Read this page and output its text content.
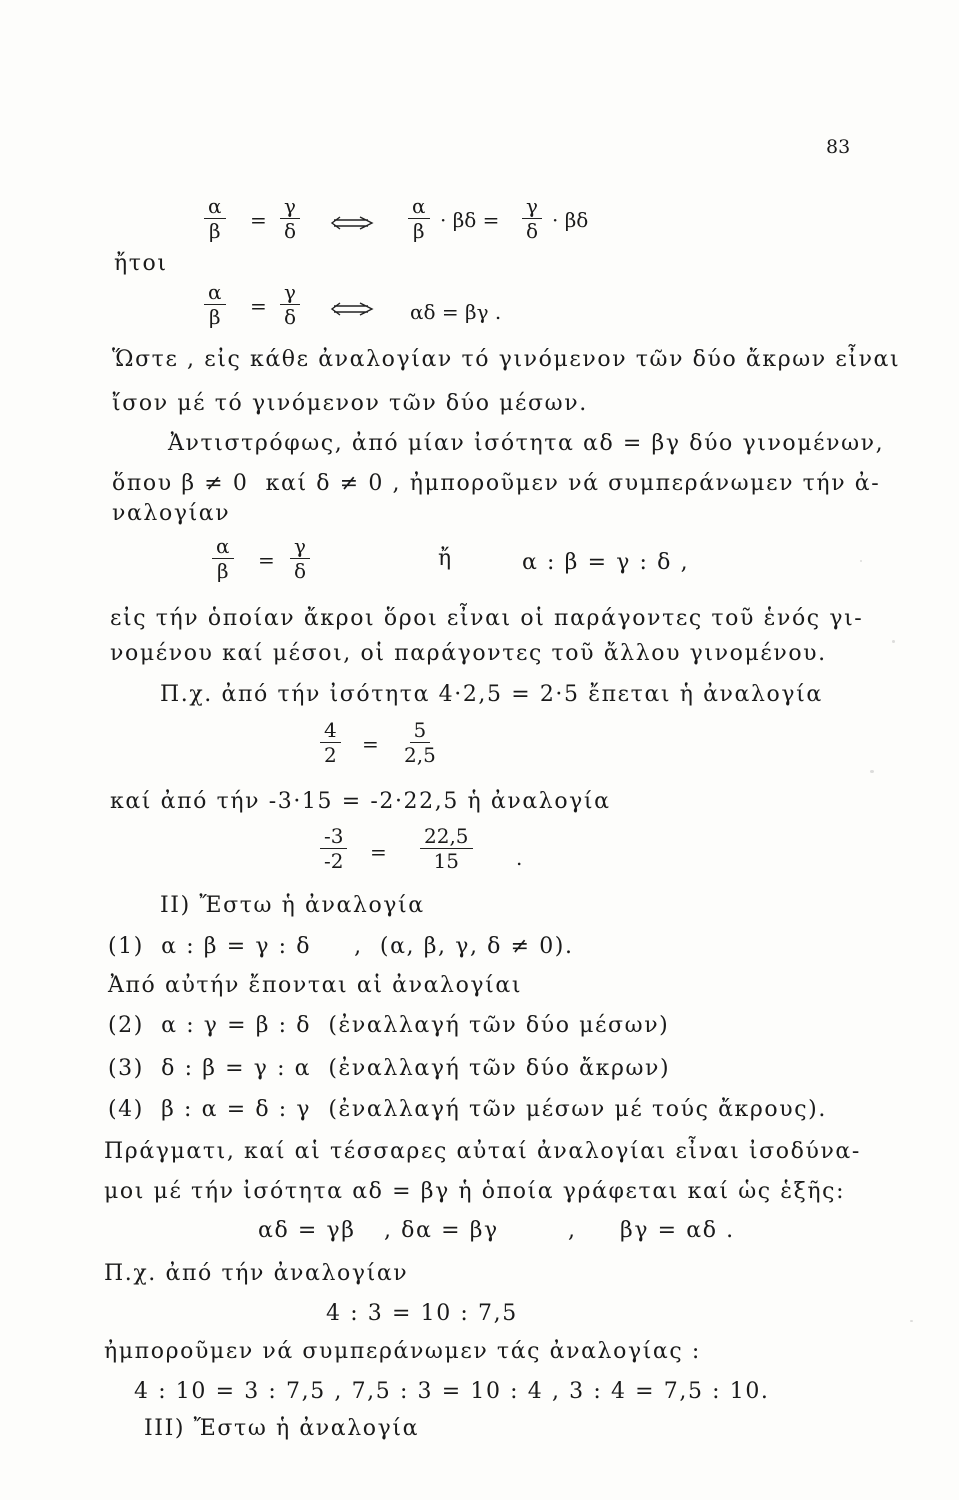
83
$\frac{\alpha}{\beta} = \frac{\gamma}{\delta}$	$\frac{\alpha}{\beta} \cdot \beta\delta = \frac{\gamma}{\delta} \cdot \beta\delta$
ἤτοι
$\frac{\alpha}{\beta} = \frac{\gamma}{\delta}$	αδ = βγ .
Ὥστε , εἰς κάθε ἀναλογίαν τό γινόμενον τῶν δύο ἄκρων εἶναι
ἴσον μέ τό γινόμενον τῶν δύο μέσων.
Ἀντιστρόφως, ἀπό μίαν ἰσότητα αδ = βγ δύο γινομένων,
ὅπου β ≠ 0  καί δ ≠ 0 , ἠμποροῦμεν νά συμπεράνωμεν τήν ἀ-
ναλογίαν
$\frac{\alpha}{\beta} = \frac{\gamma}{\delta}$	ἤ	α : β = γ : δ ,
εἰς τήν ὁποίαν ἄκροι ὅροι εἶναι οἱ παράγοντες τοῦ ἑνός γι-
νομένου καί μέσοι, οἱ παράγοντες τοῦ ἄλλου γινομένου.
Π.χ. ἀπό τήν ἰσότητα 4·2,5 = 2·5 ἔπεται ἡ ἀναλογία
$\frac{4}{2} = \frac{5}{2,5}$
καί ἀπό τήν -3·15 = -2·22,5 ἡ ἀναλογία
$\frac{-3}{-2} = \frac{22,5}{15}$ .
II) Ἔστω ἡ ἀναλογία
(1)  α : β = γ : δ     ,  (α, β, γ, δ ≠ 0).
Ἀπό αὐτήν ἔπονται αἱ ἀναλογίαι
(2)  α : γ = β : δ  (ἐναλλαγή τῶν δύο μέσων)
(3)  δ : β = γ : α  (ἐναλλαγή τῶν δύο ἄκρων)
(4)  β : α = δ : γ  (ἐναλλαγή τῶν μέσων μέ τούς ἄκρους).
Πράγματι, καί αἱ τέσσαρες αὐταί ἀναλογίαι εἶναι ἰσοδύνα-
μοι μέ τήν ἰσότητα αδ = βγ ἡ ὁποία γράφεται καί ὡς ἑξῆς:
αδ = γβ , δα = βγ	, βγ = αδ .
Π.χ. ἀπό τήν ἀναλογίαν
4 : 3 = 10 : 7,5
ἠμποροῦμεν νά συμπεράνωμεν τάς ἀναλογίας :
4 : 10 = 3 : 7,5 , 7,5 : 3 = 10 : 4 , 3 : 4 = 7,5 : 10.
III) Ἔστω ἡ ἀναλογία
